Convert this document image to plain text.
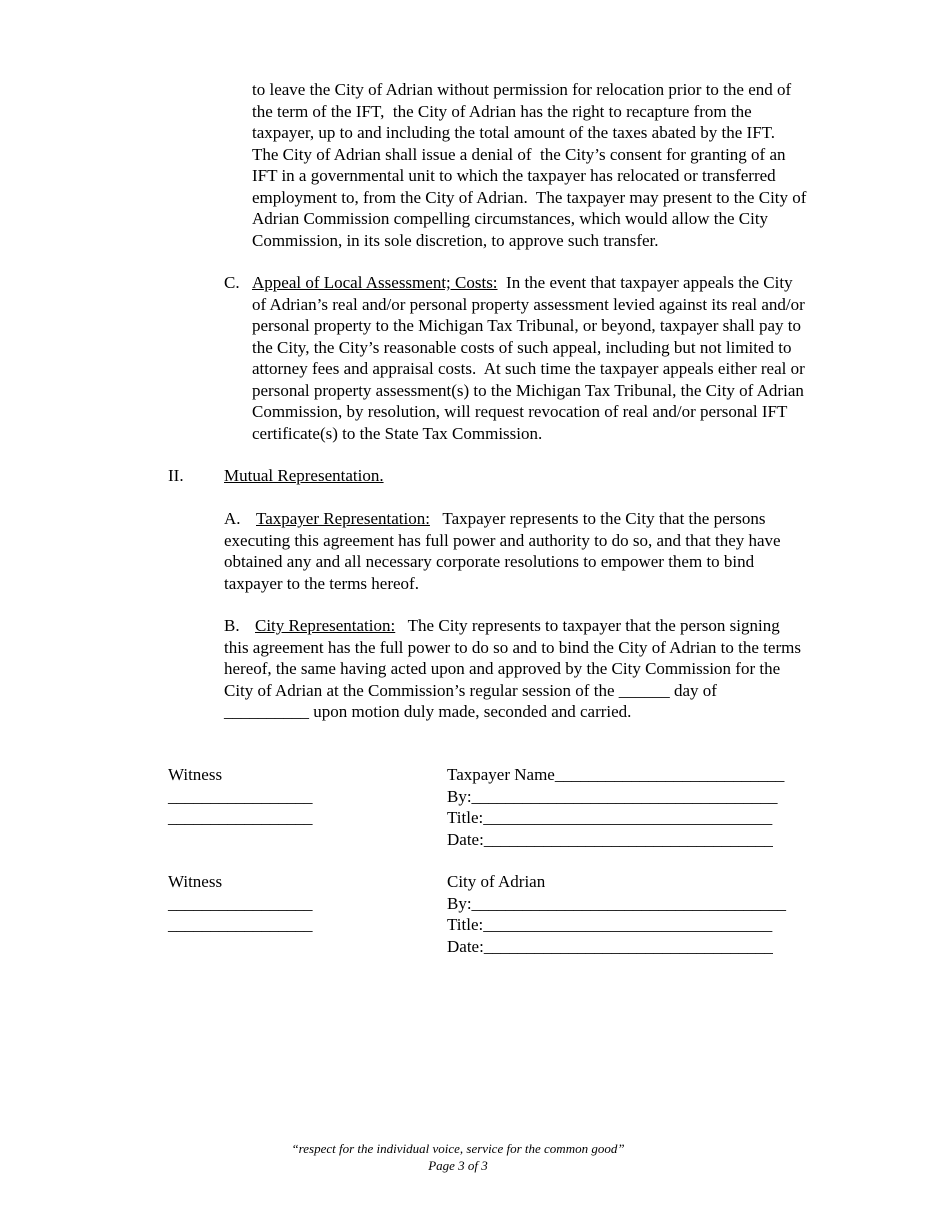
to leave the City of Adrian without permission for relocation prior to the end of
the term of the IFT,  the City of Adrian has the right to recapture from the
taxpayer, up to and including the total amount of the taxes abated by the IFT.
The City of Adrian shall issue a denial of  the City’s consent for granting of an
IFT in a governmental unit to which the taxpayer has relocated or transferred
employment to, from the City of Adrian.  The taxpayer may present to the City of
Adrian Commission compelling circumstances, which would allow the City
Commission, in its sole discretion, to approve such transfer.
C. Appeal of Local Assessment; Costs:  In the event that taxpayer appeals the City
of Adrian’s real and/or personal property assessment levied against its real and/or
personal property to the Michigan Tax Tribunal, or beyond, taxpayer shall pay to
the City, the City’s reasonable costs of such appeal, including but not limited to
attorney fees and appraisal costs.  At such time the taxpayer appeals either real or
personal property assessment(s) to the Michigan Tax Tribunal, the City of Adrian
Commission, by resolution, will request revocation of real and/or personal IFT
certificate(s) to the State Tax Commission.
II. Mutual Representation.
A. Taxpayer Representation:   Taxpayer represents to the City that the persons
executing this agreement has full power and authority to do so, and that they have
obtained any and all necessary corporate resolutions to empower them to bind
taxpayer to the terms hereof.
B. City Representation:   The City represents to taxpayer that the person signing
this agreement has the full power to do so and to bind the City of Adrian to the terms
hereof, the same having acted upon and approved by the City Commission for the
City of Adrian at the Commission’s regular session of the ______ day of
__________ upon motion duly made, seconded and carried.
Witness
_________________
_________________
Taxpayer Name___________________________
By:____________________________________
Title:__________________________________
Date:__________________________________
Witness
_________________
_________________
City of Adrian
By:_____________________________________
Title:__________________________________
Date:__________________________________
“respect for the individual voice, service for the common good”
Page 3 of 3
